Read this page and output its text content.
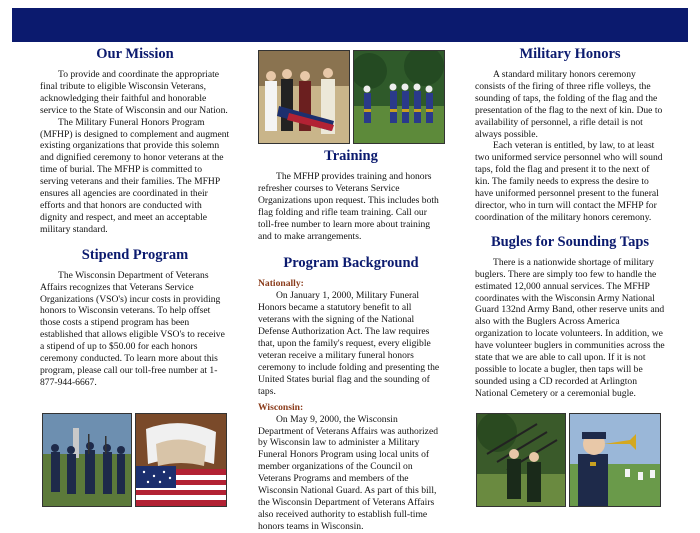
Our Mission

To provide and coordinate the appropriate final tribute to eligible Wisconsin Veterans, acknowledging their faithful and honorable service to the State of Wisconsin and our Nation.

The Military Funeral Honors Program (MFHP) is designed to complement and augment existing organizations that provide this solemn and dignified ceremony to honor veterans at the time of burial. The MFHP is committed to serving veterans and their families. The MFHP ensures all agencies are coordinated in their efforts and that honors are conducted with dignity and respect, and meet an acceptable military standard.

Stipend Program

The Wisconsin Department of Veterans Affairs recognizes that Veterans Service Organizations (VSO's) incur costs in providing honors to Wisconsin veterans. To help offset those costs a stipend program has been established that allows eligible VSO's to receive a stipend of up to $50.00 for each honors ceremony conducted. To learn more about this program, please call our toll-free number at 1-877-944-6667.

Training

The MFHP provides training and honors refresher courses to Veterans Service Organizations upon request. This includes both flag folding and rifle team training. Call our toll-free number to learn more about training and to make arrangements.

Program Background
Nationally:

On January 1, 2000, Military Funeral Honors became a statutory benefit to all veterans with the signing of the National Defense Authorization Act. The law requires that, upon the family's request, every eligible veteran receive a military funeral honors ceremony to include folding and presenting the United States burial flag and the sounding of taps.

Wisconsin:

On May 9, 2000, the Wisconsin Department of Veterans Affairs was authorized by Wisconsin law to administer a Military Funeral Honors Program using local units of member organizations of the Council on Veterans Programs and members of the Wisconsin National Guard. As part of this bill, the Wisconsin Department of Veterans Affairs also received authority to establish full-time honors teams in Wisconsin.

Military Honors

A standard military honors ceremony consists of the firing of three rifle volleys, the sounding of taps, the folding of the flag and the presentation of the flag to the next of kin. Due to availability of personnel, a rifle detail is not always possible.

Each veteran is entitled, by law, to at least two uniformed service personnel who will sound taps, fold the flag and present it to the next of kin. The family needs to express the desire to have uniformed personnel present to the funeral director, who in turn will contact the MFHP for coordination of the military honors ceremony.

Bugles for Sounding Taps

There is a nationwide shortage of military buglers. There are simply too few to handle the estimated 12,000 annual services. The MFHP coordinates with the Wisconsin Army National Guard 132nd Army Band, other reserve units and also with the Buglers Across America organization to locate volunteers. In addition, we have volunteer buglers in communities across the state that we are able to call upon. If it is not possible to locate a bugler, then taps will be sounded using a CD recorded at Arlington National Cemetery or a ceremonial bugle.
